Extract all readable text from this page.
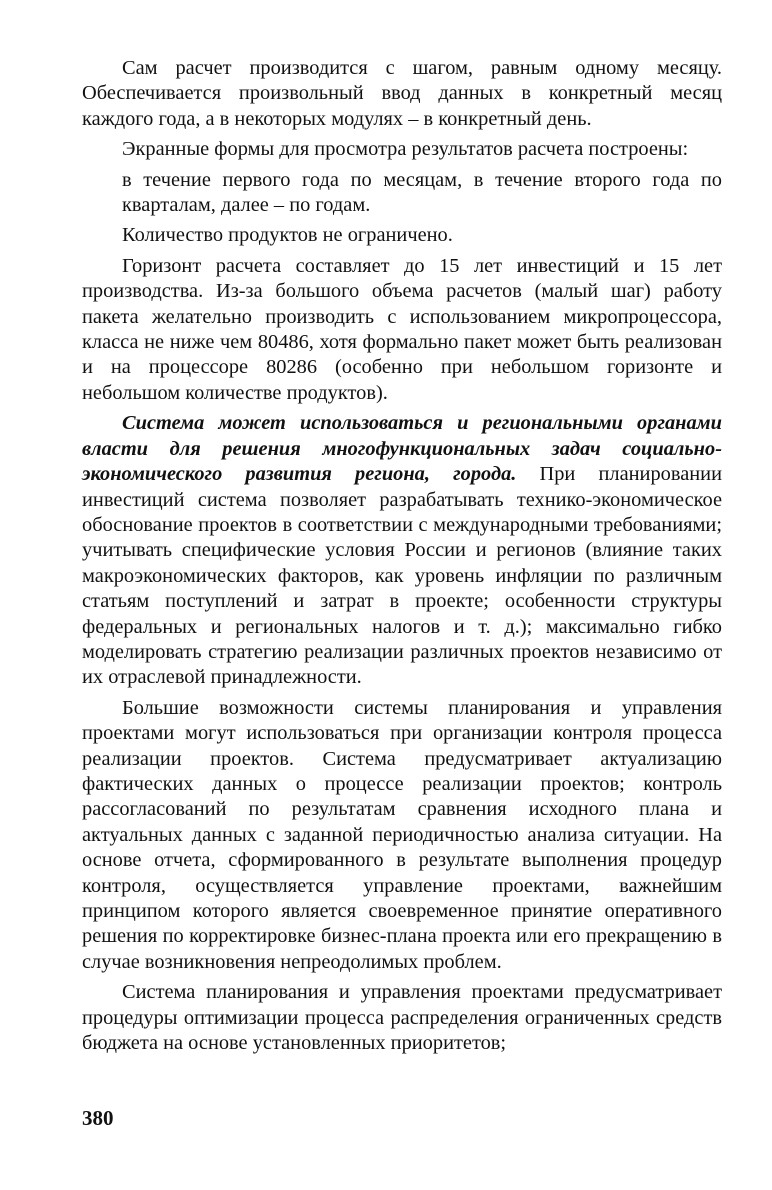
Сам расчет производится с шагом, равным одному месяцу. Обеспечивается произвольный ввод данных в конкретный месяц каждого года, а в некоторых модулях – в конкретный день.

Экранные формы для просмотра результатов расчета построены:

в течение первого года по месяцам, в течение второго года по кварталам, далее – по годам.

Количество продуктов не ограничено.

Горизонт расчета составляет до 15 лет инвестиций и 15 лет производства. Из-за большого объема расчетов (малый шаг) работу пакета желательно производить с использованием микропроцессора, класса не ниже чем 80486, хотя формально пакет может быть реализован и на процессоре 80286 (особенно при небольшом горизонте и небольшом количестве продуктов).

Система может использоваться и региональными органами власти для решения многофункциональных задач социально-экономического развития региона, города. При планировании инвестиций система позволяет разрабатывать технико-экономическое обоснование проектов в соответствии с международными требованиями; учитывать специфические условия России и регионов (влияние таких макроэкономических факторов, как уровень инфляции по различным статьям поступлений и затрат в проекте; особенности структуры федеральных и региональных налогов и т. д.); максимально гибко моделировать стратегию реализации различных проектов независимо от их отраслевой принадлежности.

Большие возможности системы планирования и управления проектами могут использоваться при организации контроля процесса реализации проектов. Система предусматривает актуализацию фактических данных о процессе реализации проектов; контроль рассогласований по результатам сравнения исходного плана и актуальных данных с заданной периодичностью анализа ситуации. На основе отчета, сформированного в результате выполнения процедур контроля, осуществляется управление проектами, важнейшим принципом которого является своевременное принятие оперативного решения по корректировке бизнес-плана проекта или его прекращению в случае возникновения непреодолимых проблем.

Система планирования и управления проектами предусматривает процедуры оптимизации процесса распределения ограниченных средств бюджета на основе установленных приоритетов;

380
